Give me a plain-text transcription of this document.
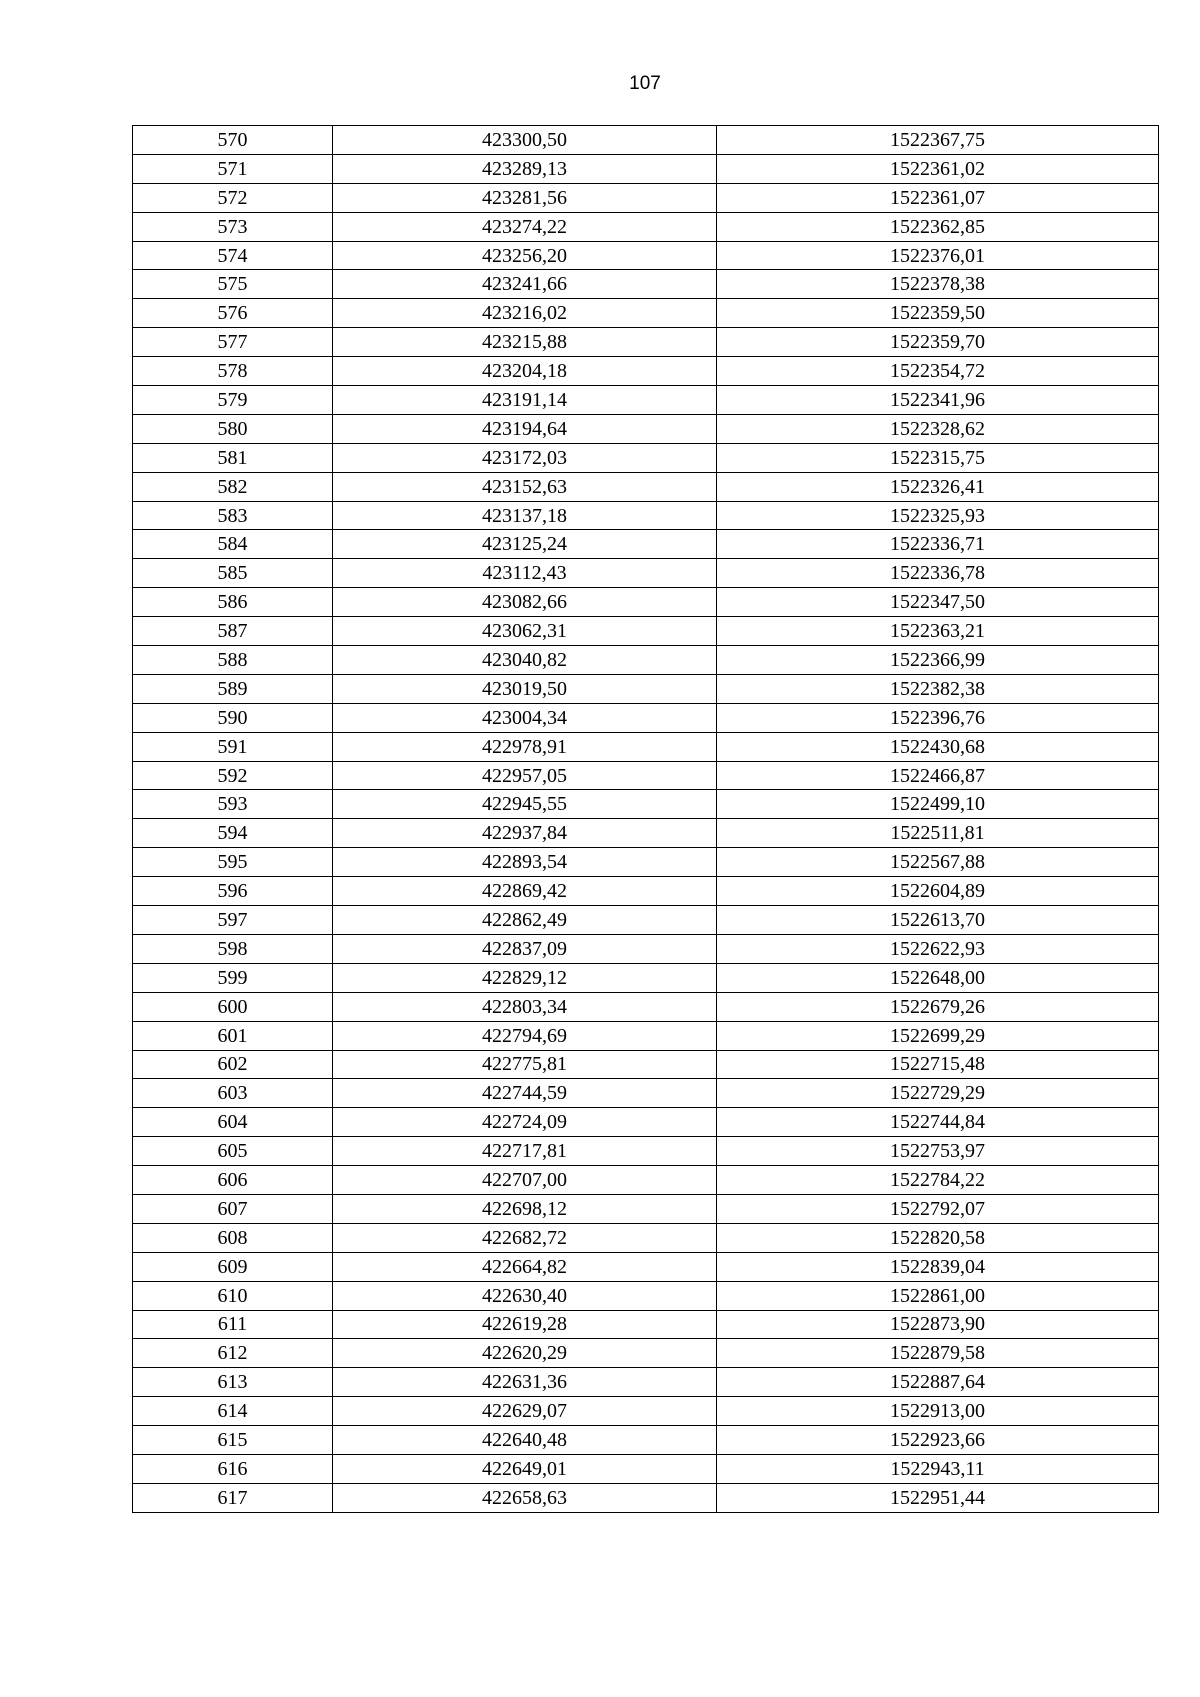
107
570	423300,50	1522367,75
571	423289,13	1522361,02
572	423281,56	1522361,07
573	423274,22	1522362,85
574	423256,20	1522376,01
575	423241,66	1522378,38
576	423216,02	1522359,50
577	423215,88	1522359,70
578	423204,18	1522354,72
579	423191,14	1522341,96
580	423194,64	1522328,62
581	423172,03	1522315,75
582	423152,63	1522326,41
583	423137,18	1522325,93
584	423125,24	1522336,71
585	423112,43	1522336,78
586	423082,66	1522347,50
587	423062,31	1522363,21
588	423040,82	1522366,99
589	423019,50	1522382,38
590	423004,34	1522396,76
591	422978,91	1522430,68
592	422957,05	1522466,87
593	422945,55	1522499,10
594	422937,84	1522511,81
595	422893,54	1522567,88
596	422869,42	1522604,89
597	422862,49	1522613,70
598	422837,09	1522622,93
599	422829,12	1522648,00
600	422803,34	1522679,26
601	422794,69	1522699,29
602	422775,81	1522715,48
603	422744,59	1522729,29
604	422724,09	1522744,84
605	422717,81	1522753,97
606	422707,00	1522784,22
607	422698,12	1522792,07
608	422682,72	1522820,58
609	422664,82	1522839,04
610	422630,40	1522861,00
611	422619,28	1522873,90
612	422620,29	1522879,58
613	422631,36	1522887,64
614	422629,07	1522913,00
615	422640,48	1522923,66
616	422649,01	1522943,11
617	422658,63	1522951,44
